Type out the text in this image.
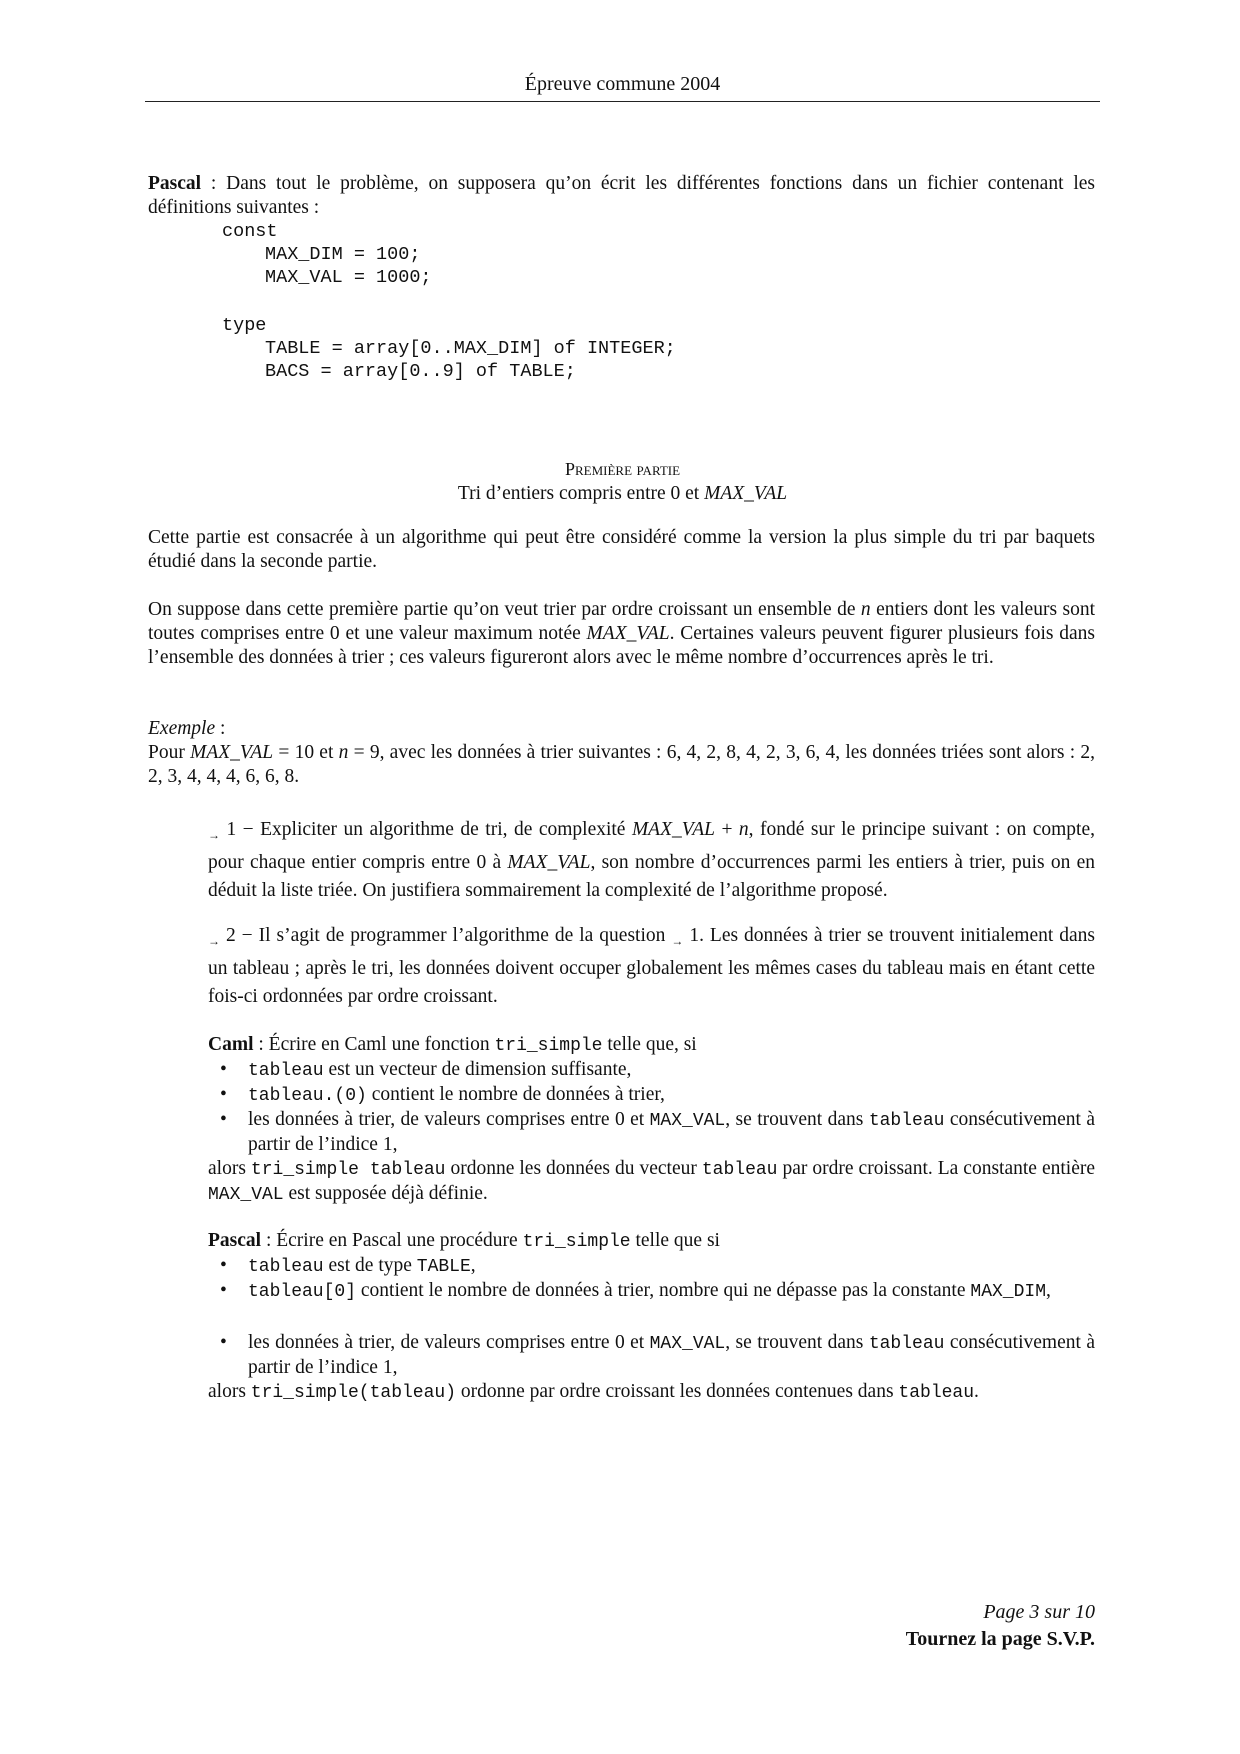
Épreuve commune 2004
Pascal : Dans tout le problème, on supposera qu’on écrit les différentes fonctions dans un fichier contenant les définitions suivantes :
const
MAX_DIM = 100;
MAX_VAL = 1000;
type
TABLE = array[0..MAX_DIM] of INTEGER;
BACS = array[0..9] of TABLE;
Première partie
Tri d’entiers compris entre 0 et MAX_VAL
Cette partie est consacrée à un algorithme qui peut être considéré comme la version la plus simple du tri par baquets étudié dans la seconde partie.
On suppose dans cette première partie qu’on veut trier par ordre croissant un ensemble de n entiers dont les valeurs sont toutes comprises entre 0 et une valeur maximum notée MAX_VAL. Certaines valeurs peuvent figurer plusieurs fois dans l’ensemble des données à trier ; ces valeurs figureront alors avec le même nombre d’occurrences après le tri.
Exemple :
Pour MAX_VAL = 10 et n = 9, avec les données à trier suivantes : 6, 4, 2, 8, 4, 2, 3, 6, 4, les données triées sont alors : 2, 2, 3, 4, 4, 4, 6, 6, 8.
$_\to$ 1 − Expliciter un algorithme de tri, de complexité MAX_VAL + n, fondé sur le principe suivant : on compte, pour chaque entier compris entre 0 à MAX_VAL, son nombre d’occurrences parmi les entiers à trier, puis on en déduit la liste triée. On justifiera sommairement la complexité de l’algorithme proposé.
$_\to$ 2 − Il s’agit de programmer l’algorithme de la question $_\to$ 1. Les données à trier se trouvent initialement dans un tableau ; après le tri, les données doivent occuper globalement les mêmes cases du tableau mais en étant cette fois-ci ordonnées par ordre croissant.
Caml : Écrire en Caml une fonction tri_simple telle que, si
• tableau est un vecteur de dimension suffisante,
• tableau.(0) contient le nombre de données à trier,
• les données à trier, de valeurs comprises entre 0 et MAX_VAL, se trouvent dans tableau consécutivement à partir de l’indice 1,
alors tri_simple tableau ordonne les données du vecteur tableau par ordre croissant. La constante entière MAX_VAL est supposée déjà définie.
Pascal : Écrire en Pascal une procédure tri_simple telle que si
• tableau est de type TABLE,
• tableau[0] contient le nombre de données à trier, nombre qui ne dépasse pas la constante MAX_DIM,
• les données à trier, de valeurs comprises entre 0 et MAX_VAL, se trouvent dans tableau consécutivement à partir de l’indice 1,
alors tri_simple(tableau) ordonne par ordre croissant les données contenues dans tableau.
Page 3 sur 10
Tournez la page S.V.P.
